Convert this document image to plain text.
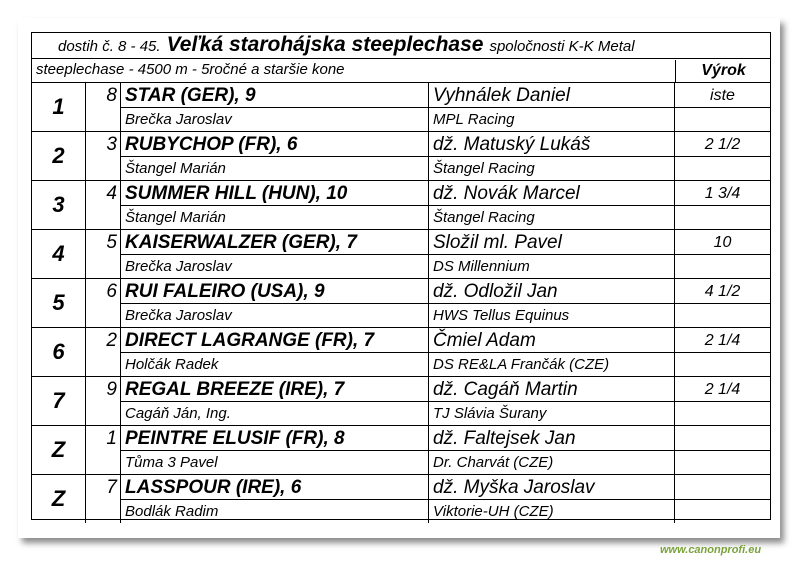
dostih č. 8 - 45. Veľká starohájska steeplechase spoločnosti K-K Metal
steeplechase - 4500 m - 5ročné a staršie kone	Výrok
1	8 STAR (GER), 9	Vyhnálek Daniel	iste
Brečka Jaroslav	MPL Racing
2	3 RUBYCHOP (FR), 6	dž. Matuský Lukáš	2 1/2
Štangel Marián	Štangel Racing
3	4 SUMMER HILL (HUN), 10	dž. Novák Marcel	1 3/4
Štangel Marián	Štangel Racing
4	5 KAISERWALZER (GER), 7	Složil ml. Pavel	10
Brečka Jaroslav	DS Millennium
5	6 RUI FALEIRO (USA), 9	dž. Odložil Jan	4 1/2
Brečka Jaroslav	HWS Tellus Equinus
6	2 DIRECT LAGRANGE (FR), 7	Čmiel Adam	2 1/4
Holčák Radek	DS RE&LA Frančák (CZE)
7	9 REGAL BREEZE (IRE), 7	dž. Cagáň Martin	2 1/4
Cagáň Ján, Ing.	TJ Slávia Šurany
Z	1 PEINTRE ELUSIF (FR), 8	dž. Faltejsek Jan
Tůma 3 Pavel	Dr. Charvát (CZE)
Z	7 LASSPOUR (IRE), 6	dž. Myška Jaroslav
Bodlák Radim	Viktorie-UH (CZE)
www.canonprofi.eu
